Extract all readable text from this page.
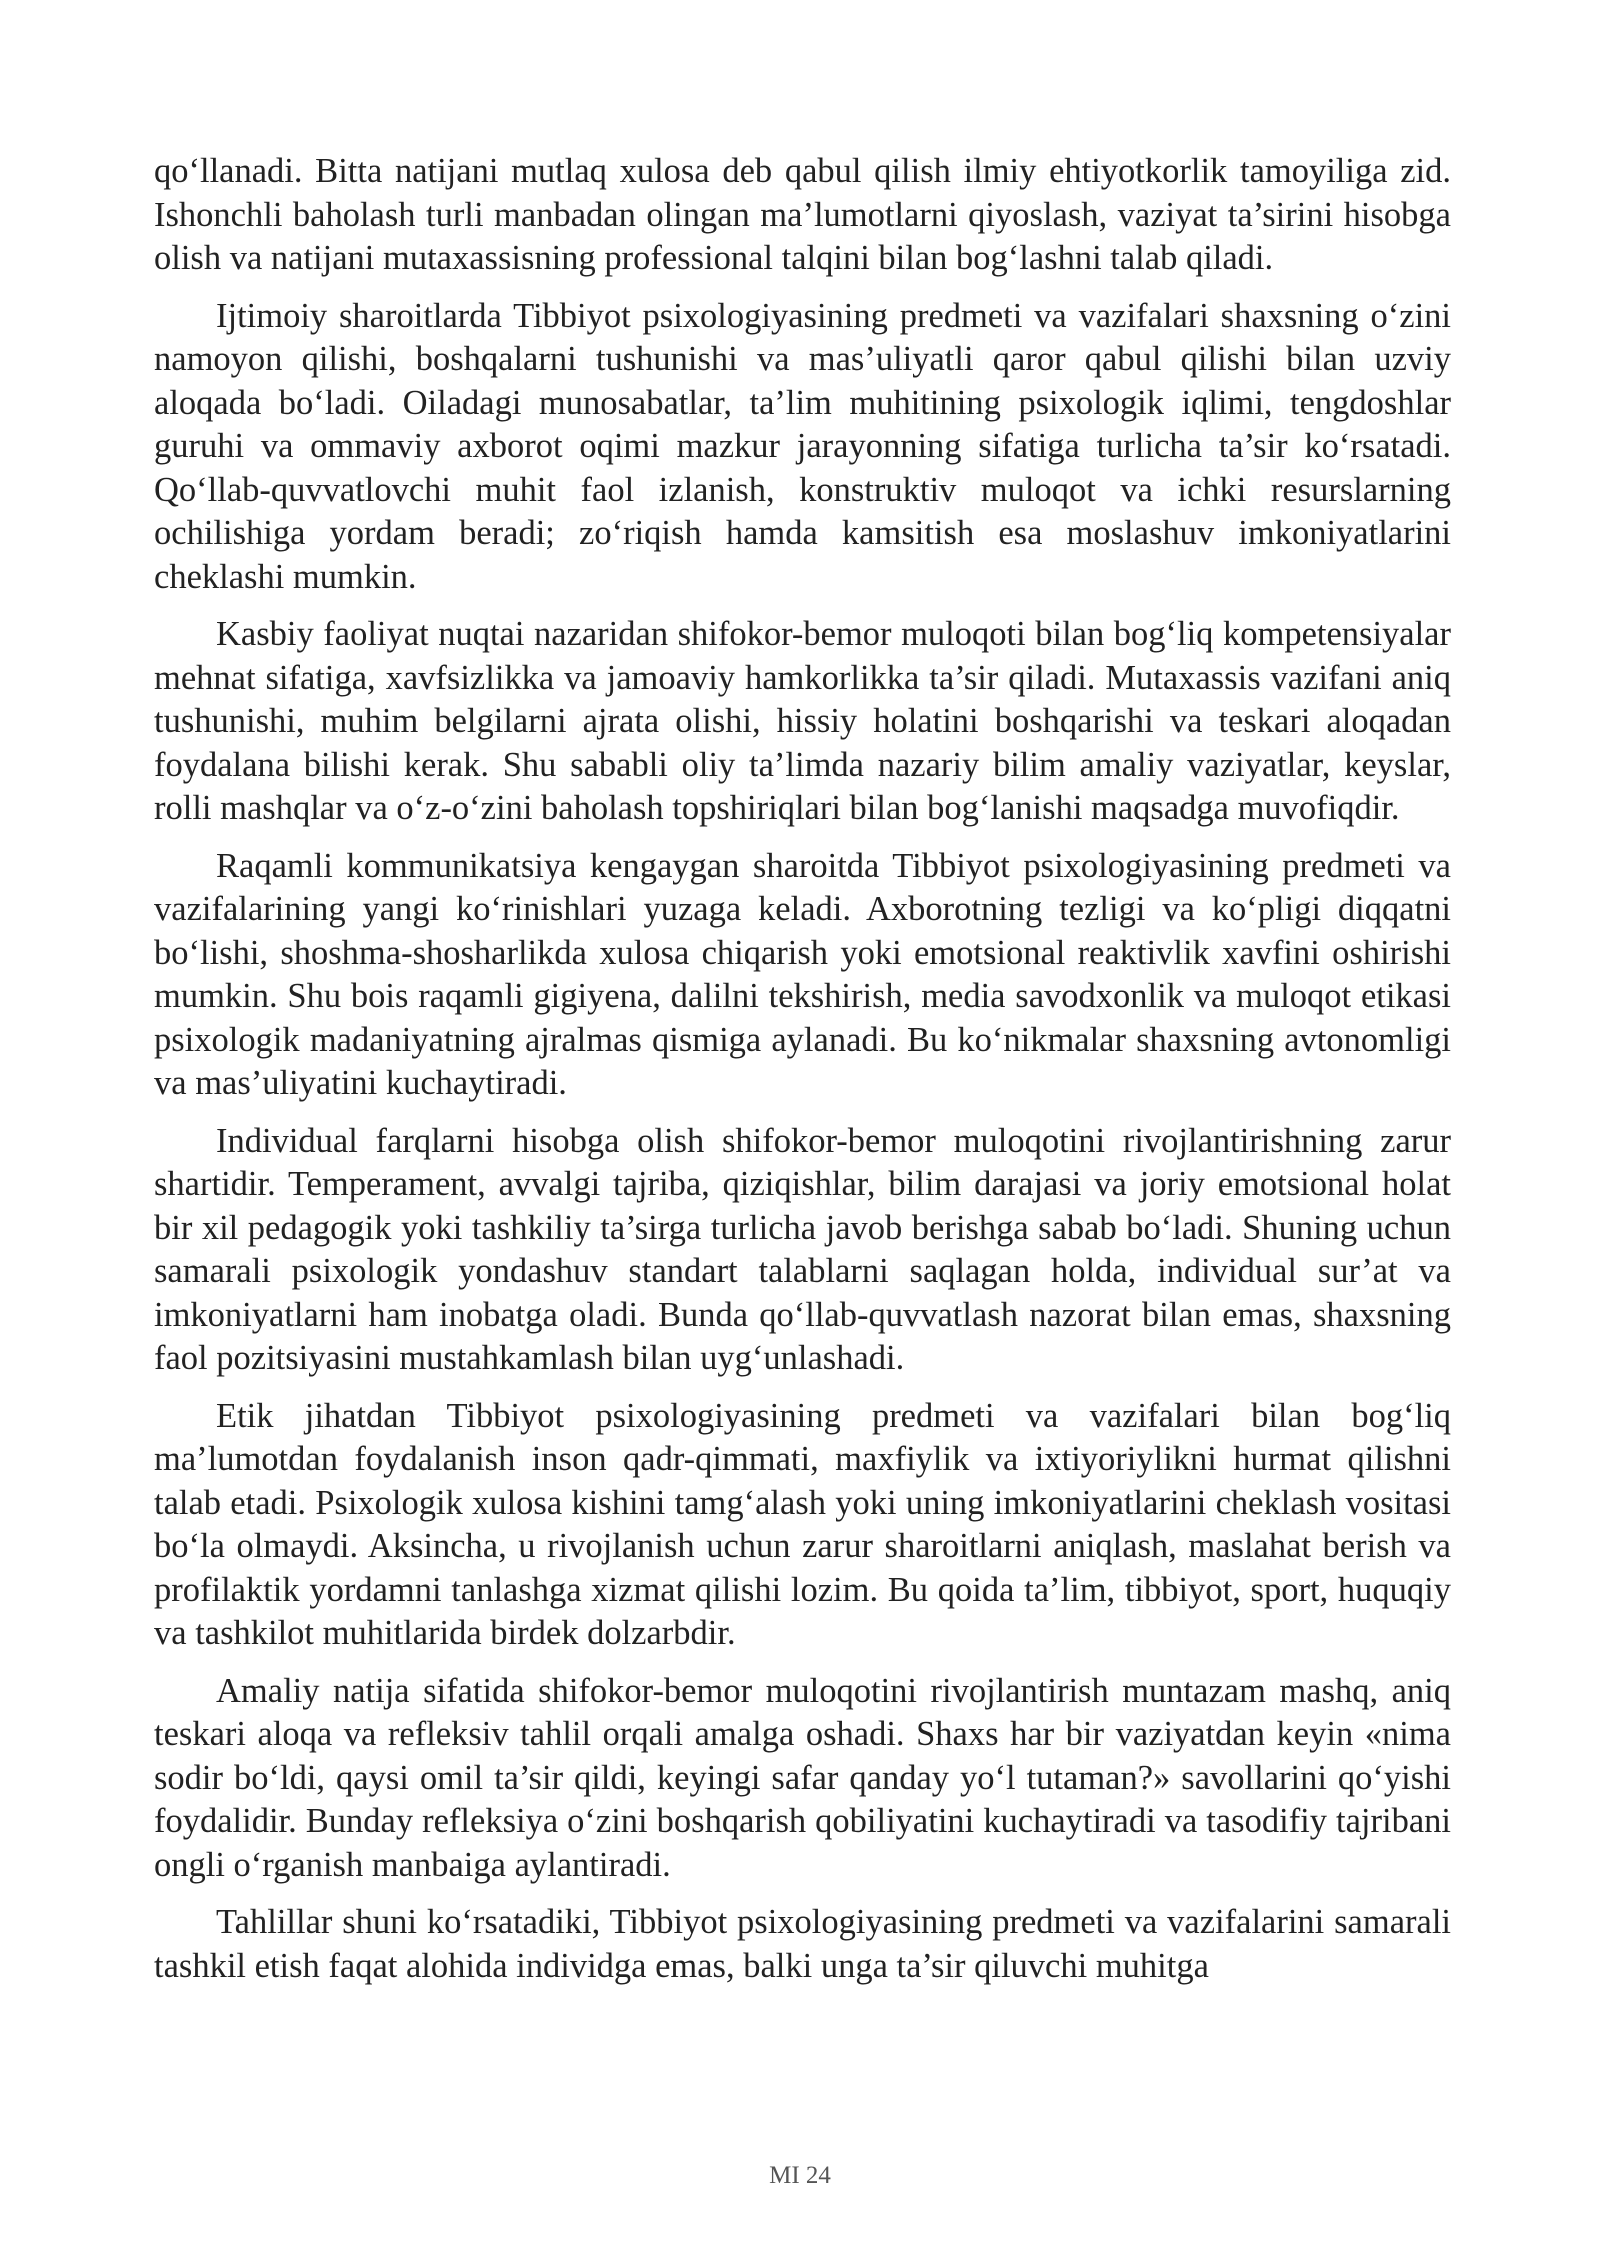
qo‘llanadi. Bitta natijani mutlaq xulosa deb qabul qilish ilmiy ehtiyotkorlik tamoyiliga zid. Ishonchli baholash turli manbadan olingan ma’lumotlarni qiyoslash, vaziyat ta’sirini hisobga olish va natijani mutaxassisning professional talqini bilan bog‘lashni talab qiladi.

Ijtimoiy sharoitlarda Tibbiyot psixologiyasining predmeti va vazifalari shaxsning o‘zini namoyon qilishi, boshqalarni tushunishi va mas’uliyatli qaror qabul qilishi bilan uzviy aloqada bo‘ladi. Oiladagi munosabatlar, ta’lim muhitining psixologik iqlimi, tengdoshlar guruhi va ommaviy axborot oqimi mazkur jarayonning sifatiga turlicha ta’sir ko‘rsatadi. Qo‘llab-quvvatlovchi muhit faol izlanish, konstruktiv muloqot va ichki resurslarning ochilishiga yordam beradi; zo‘riqish hamda kamsitish esa moslashuv imkoniyatlarini cheklashi mumkin.

Kasbiy faoliyat nuqtai nazaridan shifokor-bemor muloqoti bilan bog‘liq kompetensiyalar mehnat sifatiga, xavfsizlikka va jamoaviy hamkorlikka ta’sir qiladi. Mutaxassis vazifani aniq tushunishi, muhim belgilarni ajrata olishi, hissiy holatini boshqarishi va teskari aloqadan foydalana bilishi kerak. Shu sababli oliy ta’limda nazariy bilim amaliy vaziyatlar, keyslar, rolli mashqlar va o‘z-o‘zini baholash topshiriqlari bilan bog‘lanishi maqsadga muvofiqdir.

Raqamli kommunikatsiya kengaygan sharoitda Tibbiyot psixologiyasining predmeti va vazifalarining yangi ko‘rinishlari yuzaga keladi. Axborotning tezligi va ko‘pligi diqqatni bo‘lishi, shoshma-shosharlikda xulosa chiqarish yoki emotsional reaktivlik xavfini oshirishi mumkin. Shu bois raqamli gigiyena, dalilni tekshirish, media savodxonlik va muloqot etikasi psixologik madaniyatning ajralmas qismiga aylanadi. Bu ko‘nikmalar shaxsning avtonomligi va mas’uliyatini kuchaytiradi.

Individual farqlarni hisobga olish shifokor-bemor muloqotini rivojlantirishning zarur shartidir. Temperament, avvalgi tajriba, qiziqishlar, bilim darajasi va joriy emotsional holat bir xil pedagogik yoki tashkiliy ta’sirga turlicha javob berishga sabab bo‘ladi. Shuning uchun samarali psixologik yondashuv standart talablarni saqlagan holda, individual sur’at va imkoniyatlarni ham inobatga oladi. Bunda qo‘llab-quvvatlash nazorat bilan emas, shaxsning faol pozitsiyasini mustahkamlash bilan uyg‘unlashadi.

Etik jihatdan Tibbiyot psixologiyasining predmeti va vazifalari bilan bog‘liq ma’lumotdan foydalanish inson qadr-qimmati, maxfiylik va ixtiyoriylikni hurmat qilishni talab etadi. Psixologik xulosa kishini tamg‘alash yoki uning imkoniyatlarini cheklash vositasi bo‘la olmaydi. Aksincha, u rivojlanish uchun zarur sharoitlarni aniqlash, maslahat berish va profilaktik yordamni tanlashga xizmat qilishi lozim. Bu qoida ta’lim, tibbiyot, sport, huquqiy va tashkilot muhitlarida birdek dolzarbdir.

Amaliy natija sifatida shifokor-bemor muloqotini rivojlantirish muntazam mashq, aniq teskari aloqa va refleksiv tahlil orqali amalga oshadi. Shaxs har bir vaziyatdan keyin «nima sodir bo‘ldi, qaysi omil ta’sir qildi, keyingi safar qanday yo‘l tutaman?» savollarini qo‘yishi foydalidir. Bunday refleksiya o‘zini boshqarish qobiliyatini kuchaytiradi va tasodifiy tajribani ongli o‘rganish manbaiga aylantiradi.

Tahlillar shuni ko‘rsatadiki, Tibbiyot psixologiyasining predmeti va vazifalarini samarali tashkil etish faqat alohida individga emas, balki unga ta’sir qiluvchi muhitga

MI 24
